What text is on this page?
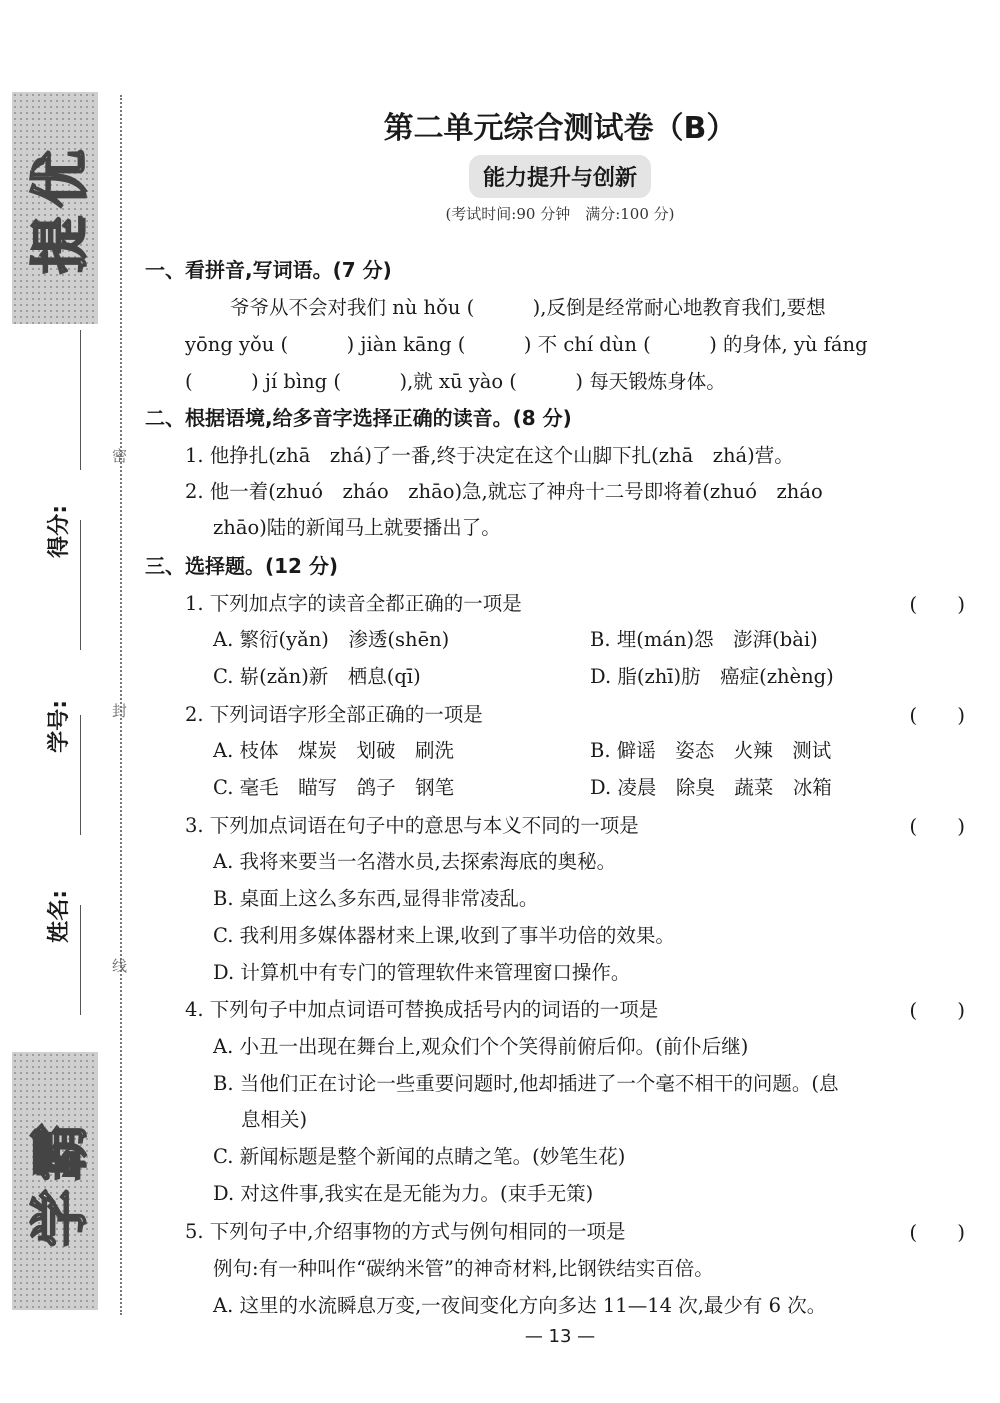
提优
得分:
学号:
姓名:
学霸
密
封
线
第二单元综合测试卷（B）
能力提升与创新
(考试时间:90 分钟　满分:100 分)
一、看拼音,写词语。(7 分)
爷爷从不会对我们 nù hǒu (　　　),反倒是经常耐心地教育我们,要想
yōng yǒu (　　　) jiàn kāng (　　　) 不 chí dùn (　　　) 的身体, yù fáng
(　　　) jí bìng (　　　),就 xū yào (　　　) 每天锻炼身体。
二、根据语境,给多音字选择正确的读音。(8 分)
1. 他挣扎(zhā　zhá)了一番,终于决定在这个山脚下扎(zhā　zhá)营。
2. 他一着(zhuó　zháo　zhāo)急,就忘了神舟十二号即将着(zhuó　zháo
zhāo)陆的新闻马上就要播出了。
三、选择题。(12 分)
1. 下列加点字的读音全都正确的一项是	(　　)
A. 繁衍(yǎn)　渗透(shēn)	B. 埋(mán)怨　澎湃(bài)
C. 崭(zǎn)新　栖息(qī)	D. 脂(zhī)肪　癌症(zhèng)
2. 下列词语字形全部正确的一项是	(　　)
A. 枝体　煤炭　划破　刷洗	B. 僻谣　姿态　火辣　测试
C. 毫毛　瞄写　鸽子　钢笔	D. 凌晨　除臭　蔬菜　冰箱
3. 下列加点词语在句子中的意思与本义不同的一项是	(　　)
A. 我将来要当一名潜水员,去探索海底的奥秘。
B. 桌面上这么多东西,显得非常凌乱。
C. 我利用多媒体器材来上课,收到了事半功倍的效果。
D. 计算机中有专门的管理软件来管理窗口操作。
4. 下列句子中加点词语可替换成括号内的词语的一项是	(　　)
A. 小丑一出现在舞台上,观众们个个笑得前俯后仰。(前仆后继)
B. 当他们正在讨论一些重要问题时,他却插进了一个毫不相干的问题。(息
息相关)
C. 新闻标题是整个新闻的点睛之笔。(妙笔生花)
D. 对这件事,我实在是无能为力。(束手无策)
5. 下列句子中,介绍事物的方式与例句相同的一项是	(　　)
例句:有一种叫作“碳纳米管”的神奇材料,比钢铁结实百倍。
A. 这里的水流瞬息万变,一夜间变化方向多达 11—14 次,最少有 6 次。
— 13 —
